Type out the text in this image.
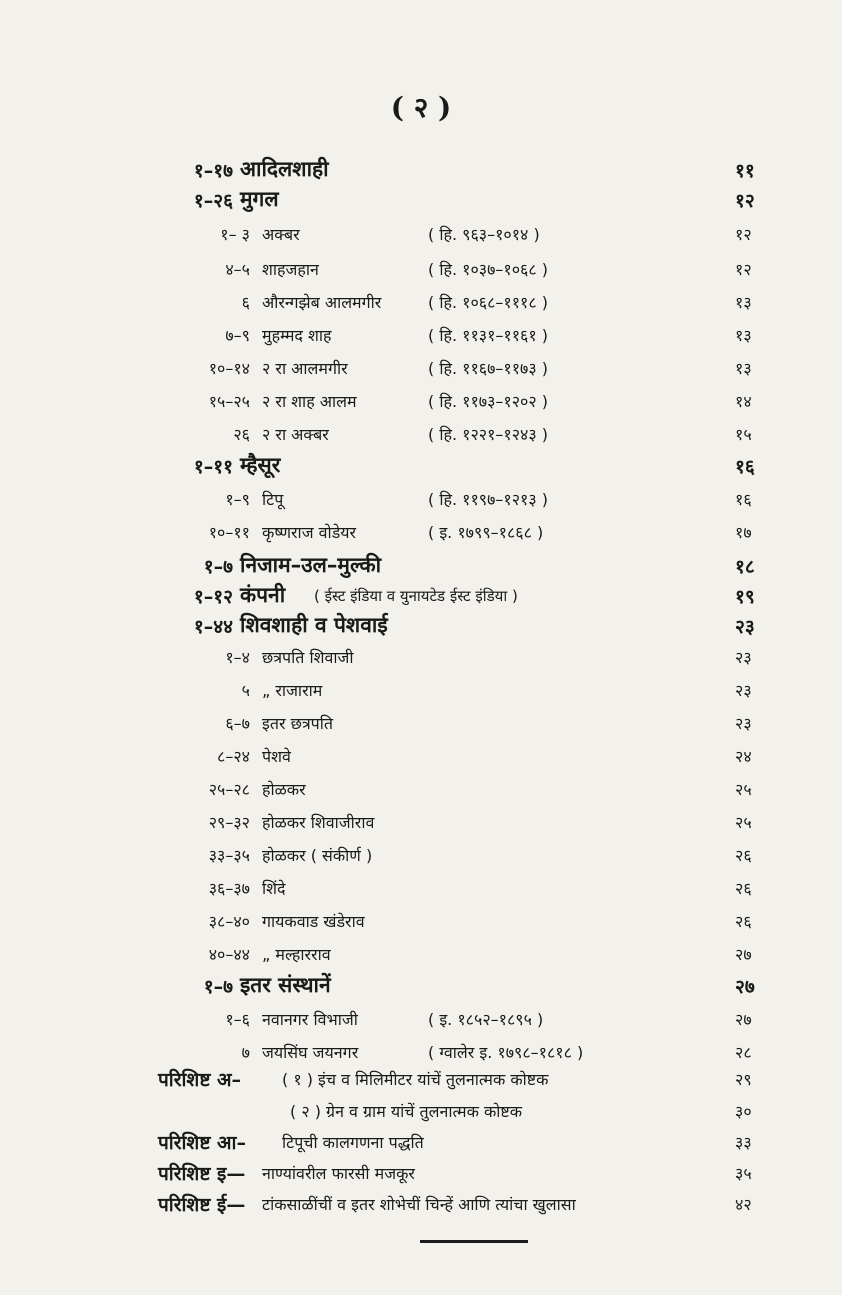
( २ )
१–१७ आदिलशाही	११
१–२६ मुगल	१२
१– ३ अक्बर	( हि. ९६३–१०१४ )	१२
४–५ शाहजहान	( हि. १०३७–१०६८ )	१२
६ औरन्गझेब आलमगीर	( हि. १०६८–१११८ )	१३
७–९ मुहम्मद शाह	( हि. ११३१–११६१ )	१३
१०–१४ २ रा आलमगीर	( हि. ११६७–११७३ )	१३
१५–२५ २ रा शाह आलम	( हि. ११७३–१२०२ )	१४
२६ २ रा अक्बर	( हि. १२२१–१२४३ )	१५
१–११ म्हैसूर	१६
१–९ टिपू	( हि. ११९७–१२१३ )	१६
१०–११ कृष्णराज वोडेयर	( इ. १७९९–१८६८ )	१७
१–७ निजाम–उल–मुल्की	१८
१–१२ कंपनी ( ईस्ट इंडिया व युनायटेड ईस्ट इंडिया )	१९
१–४४ शिवशाही व पेशवाई	२३
१–४ छत्रपति शिवाजी	२३
५ „ राजाराम	२३
६–७ इतर छत्रपति	२३
८–२४ पेशवे	२४
२५–२८ होळकर	२५
२९–३२ होळकर शिवाजीराव	२५
३३–३५ होळकर ( संकीर्ण )	२६
३६–३७ शिंदे	२६
३८–४० गायकवाड खंडेराव	२६
४०–४४ „ मल्हारराव	२७
१–७ इतर संस्थानें	२७
१–६ नवानगर विभाजी	( इ. १८५२–१८९५ )	२७
७ जयसिंघ जयनगर	( ग्वालेर इ. १७९८–१८१८ )	२८
परिशिष्ट अ–	( १ ) इंच व मिलिमीटर यांचें तुलनात्मक कोष्टक	२९
( २ ) ग्रेन व ग्राम यांचें तुलनात्मक कोष्टक	३०
परिशिष्ट आ– टिपूची कालगणना पद्धति	३३
परिशिष्ट इ— नाण्यांवरील फारसी मजकूर	३५
परिशिष्ट ई— टांकसाळींचीं व इतर शोभेचीं चिन्हें आणि त्यांचा खुलासा	४२
